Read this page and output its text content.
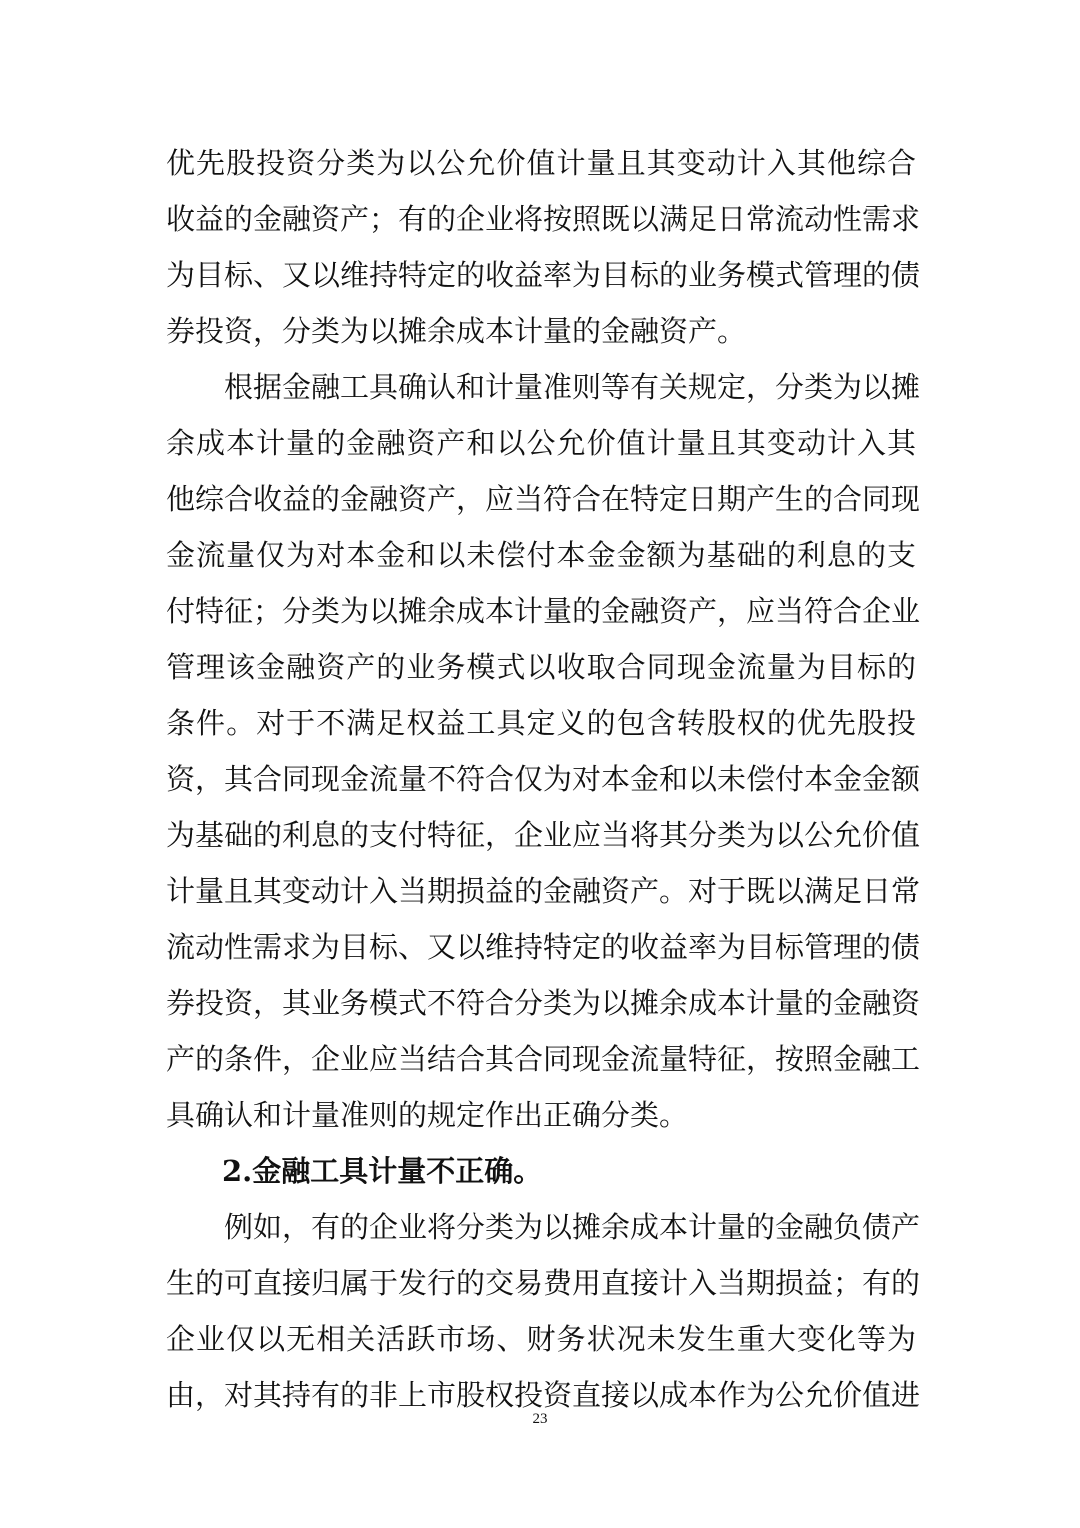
优先股投资分类为以公允价值计量且其变动计入其他综合
收益的金融资产；有的企业将按照既以满足日常流动性需求
为目标、又以维持特定的收益率为目标的业务模式管理的债
券投资，分类为以摊余成本计量的金融资产。
根据金融工具确认和计量准则等有关规定，分类为以摊
余成本计量的金融资产和以公允价值计量且其变动计入其
他综合收益的金融资产，应当符合在特定日期产生的合同现
金流量仅为对本金和以未偿付本金金额为基础的利息的支
付特征；分类为以摊余成本计量的金融资产，应当符合企业
管理该金融资产的业务模式以收取合同现金流量为目标的
条件。对于不满足权益工具定义的包含转股权的优先股投
资，其合同现金流量不符合仅为对本金和以未偿付本金金额
为基础的利息的支付特征，企业应当将其分类为以公允价值
计量且其变动计入当期损益的金融资产。对于既以满足日常
流动性需求为目标、又以维持特定的收益率为目标管理的债
券投资，其业务模式不符合分类为以摊余成本计量的金融资
产的条件，企业应当结合其合同现金流量特征，按照金融工
具确认和计量准则的规定作出正确分类。
2.金融工具计量不正确。
例如，有的企业将分类为以摊余成本计量的金融负债产
生的可直接归属于发行的交易费用直接计入当期损益；有的
企业仅以无相关活跃市场、财务状况未发生重大变化等为
由，对其持有的非上市股权投资直接以成本作为公允价值进
23
